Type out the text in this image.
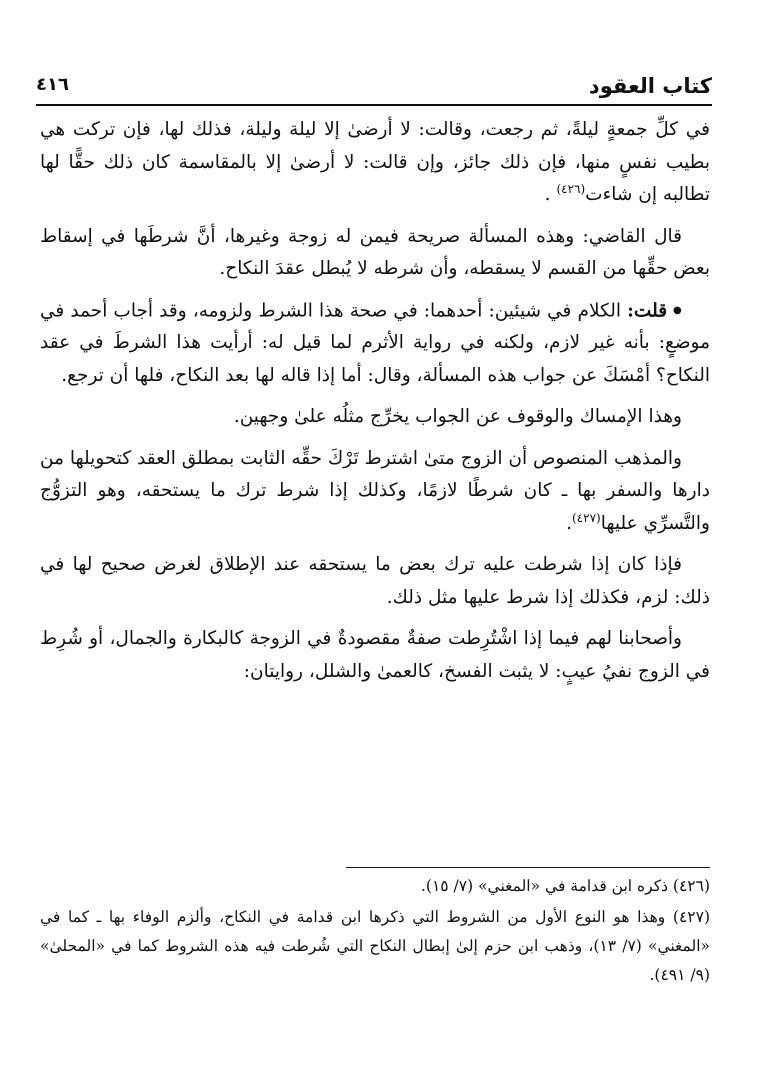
كتاب العقود
٤١٦

في كلِّ جمعةٍ ليلةً، ثم رجعت، وقالت: لا أرضىٰ إلا ليلة وليلة، فذلك لها، فإن تركت هي بطيب نفسٍ منها، فإن ذلك جائز، وإن قالت: لا أرضىٰ إلا بالمقاسمة كان ذلك حقًّا لها تطالبه إن شاءت$^{(٤٢٦)}$ .

قال القاضي: وهذه المسألة صريحة فيمن له زوجة وغيرها، أنَّ شرطَها في إسقاط بعض حقِّها من القسم لا يسقطه، وأن شرطه لا يُبطل عقدَ النكاح.

● قلت: الكلام في شيئين: أحدهما: في صحة هذا الشرط ولزومه، وقد أجاب أحمد في موضعٍ: بأنه غير لازم، ولكنه في رواية الأثرم لما قيل له: أرأيت هذا الشرطَ في عقد النكاح؟ أمْسَكَ عن جواب هذه المسألة، وقال: أما إذا قاله لها بعد النكاح، فلها أن ترجع.

وهذا الإمساك والوقوف عن الجواب يخرِّج مثلُه علىٰ وجهين.

والمذهب المنصوص أن الزوج متىٰ اشترط تَرْكَ حقِّه الثابت بمطلق العقد كتحويلها من دارها والسفر بها ـ كان شرطًا لازمًا، وكذلك إذا شرط ترك ما يستحقه، وهو التزوُّج والتَّسرِّي عليها$^{(٤٢٧)}$.

فإذا كان إذا شرطت عليه ترك بعض ما يستحقه عند الإطلاق لغرض صحيح لها في ذلك: لزم، فكذلك إذا شرط عليها مثل ذلك.

وأصحابنا لهم فيما إذا اشْتُرِطت صفةٌ مقصودةٌ في الزوجة كالبكارة والجمال، أو شُرِط في الزوج نفيُ عيبٍ: لا يثبت الفسخ، كالعمىٰ والشلل، روايتان:

(٤٢٦) ذكره ابن قدامة في «المغني» (٧/ ١٥).

(٤٢٧) وهذا هو النوع الأول من الشروط التي ذكرها ابن قدامة في النكاح، وألزم الوفاء بها ـ كما في «المغني» (٧/ ١٣)، وذهب ابن حزم إلىٰ إبطال النكاح التي شُرطت فيه هذه الشروط كما في «المحلىٰ» (٩/ ٤٩١).
